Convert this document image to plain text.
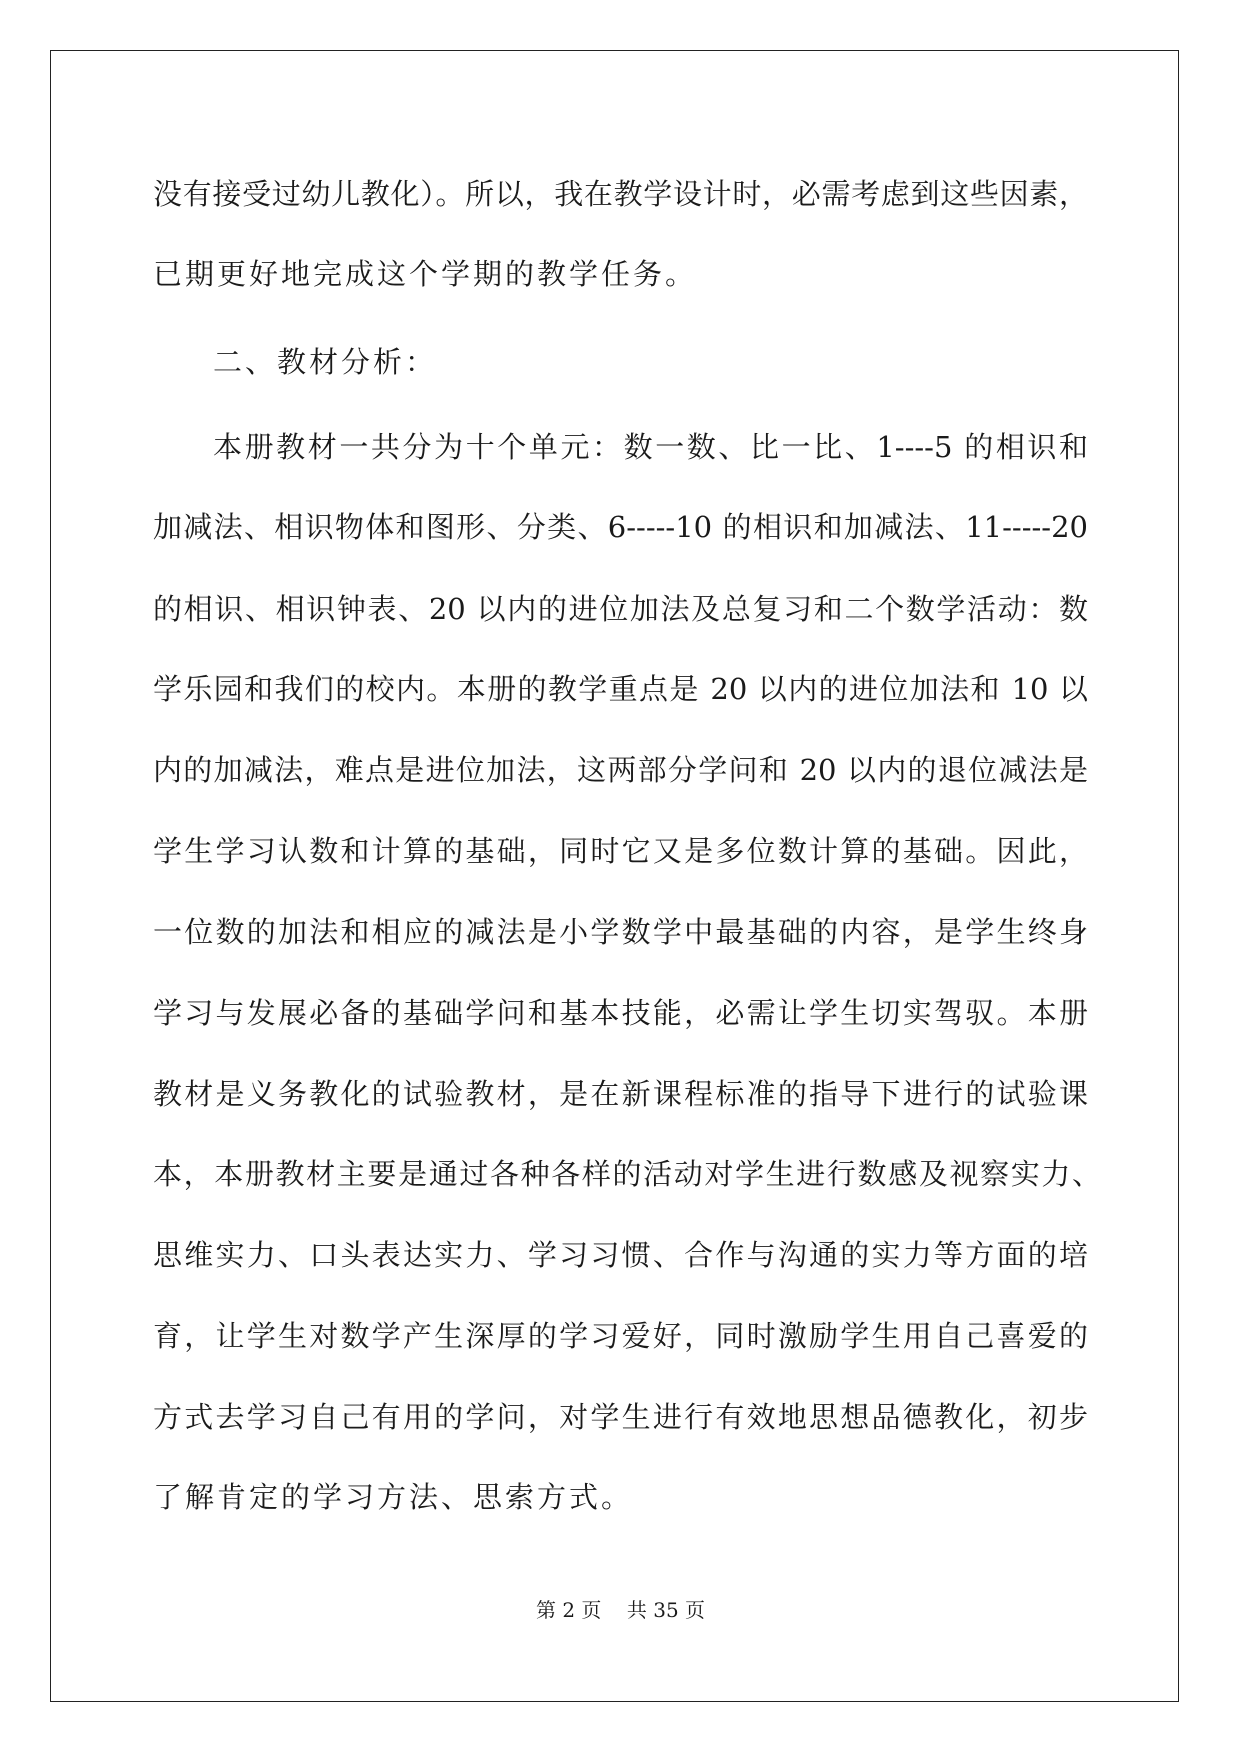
没有接受过幼儿教化）。所以，我在教学设计时，必需考虑到这些因素，
已期更好地完成这个学期的教学任务。
二、教材分析：
本册教材一共分为十个单元：数一数、比一比、1----5 的相识和
加减法、相识物体和图形、分类、6-----10 的相识和加减法、11-----20
的相识、相识钟表、20 以内的进位加法及总复习和二个数学活动：数
学乐园和我们的校内。本册的教学重点是 20 以内的进位加法和 10 以
内的加减法，难点是进位加法，这两部分学问和 20 以内的退位减法是
学生学习认数和计算的基础，同时它又是多位数计算的基础。因此，
一位数的加法和相应的减法是小学数学中最基础的内容，是学生终身
学习与发展必备的基础学问和基本技能，必需让学生切实驾驭。本册
教材是义务教化的试验教材，是在新课程标准的指导下进行的试验课
本，本册教材主要是通过各种各样的活动对学生进行数感及视察实力、
思维实力、口头表达实力、学习习惯、合作与沟通的实力等方面的培
育，让学生对数学产生深厚的学习爱好，同时激励学生用自己喜爱的
方式去学习自己有用的学问，对学生进行有效地思想品德教化，初步
了解肯定的学习方法、思索方式。
第 2 页 共 35 页
